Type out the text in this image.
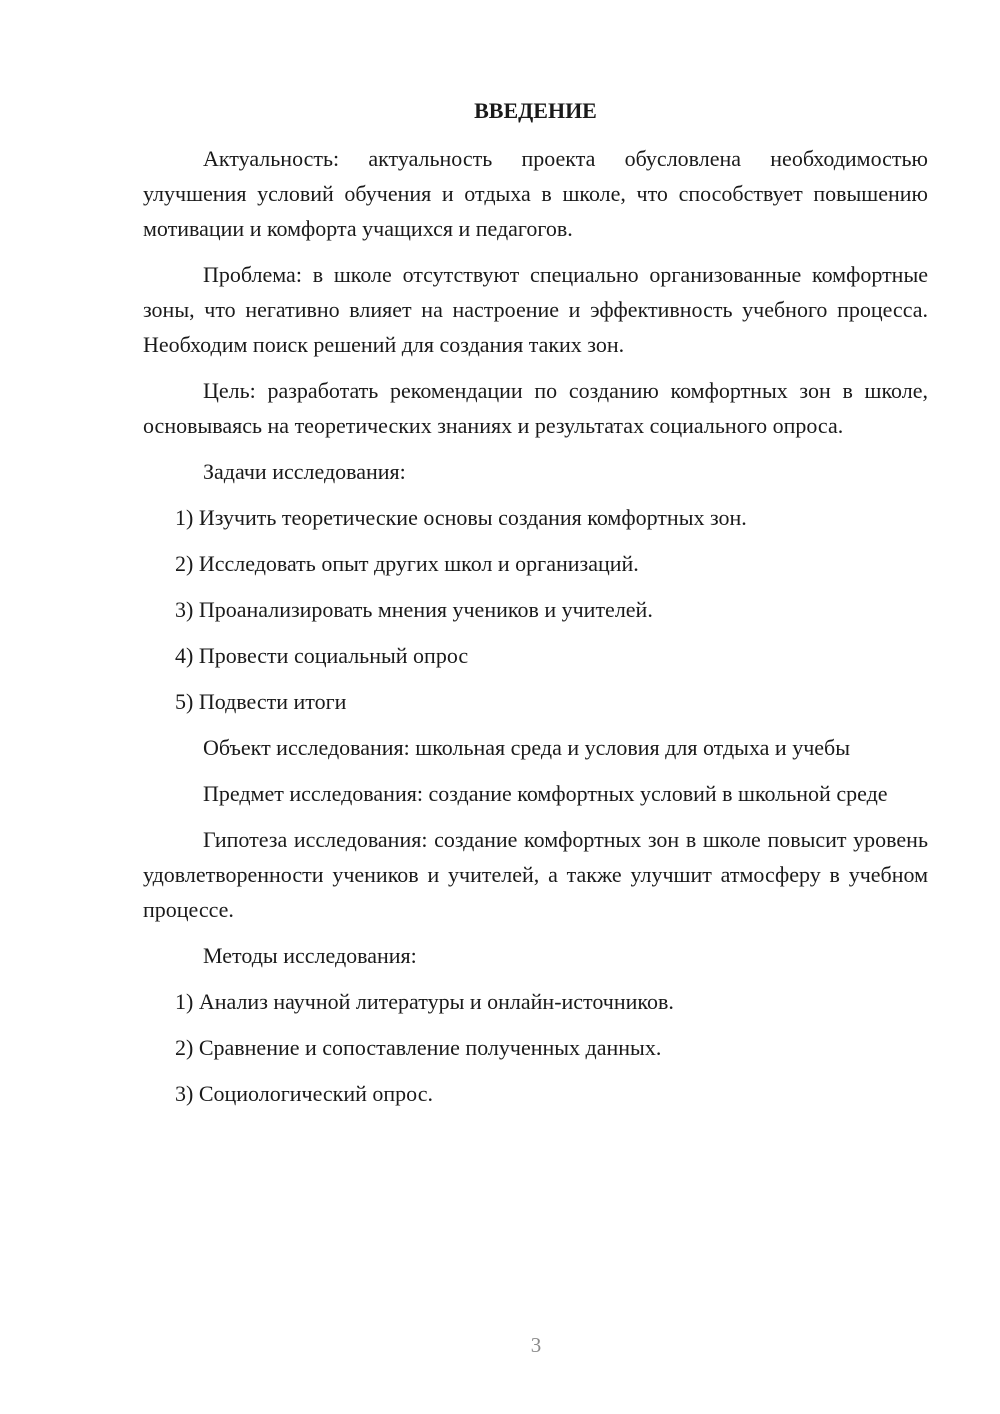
ВВЕДЕНИЕ

Актуальность: актуальность проекта обусловлена необходимостью улучшения условий обучения и отдыха в школе, что способствует повышению мотивации и комфорта учащихся и педагогов.

Проблема: в школе отсутствуют специально организованные комфортные зоны, что негативно влияет на настроение и эффективность учебного процесса. Необходим поиск решений для создания таких зон.

Цель: разработать рекомендации по созданию комфортных зон в школе, основываясь на теоретических знаниях и результатах социального опроса.

Задачи исследования:

1) Изучить теоретические основы создания комфортных зон.

2) Исследовать опыт других школ и организаций.

3) Проанализировать мнения учеников и учителей.

4) Провести социальный опрос

5) Подвести итоги

Объект исследования: школьная среда и условия для отдыха и учебы

Предмет исследования: создание комфортных условий в школьной среде

Гипотеза исследования: создание комфортных зон в школе повысит уровень удовлетворенности учеников и учителей, а также улучшит атмосферу в учебном процессе.

Методы исследования:

1) Анализ научной литературы и онлайн-источников.

2) Сравнение и сопоставление полученных данных.

3) Социологический опрос.

3
